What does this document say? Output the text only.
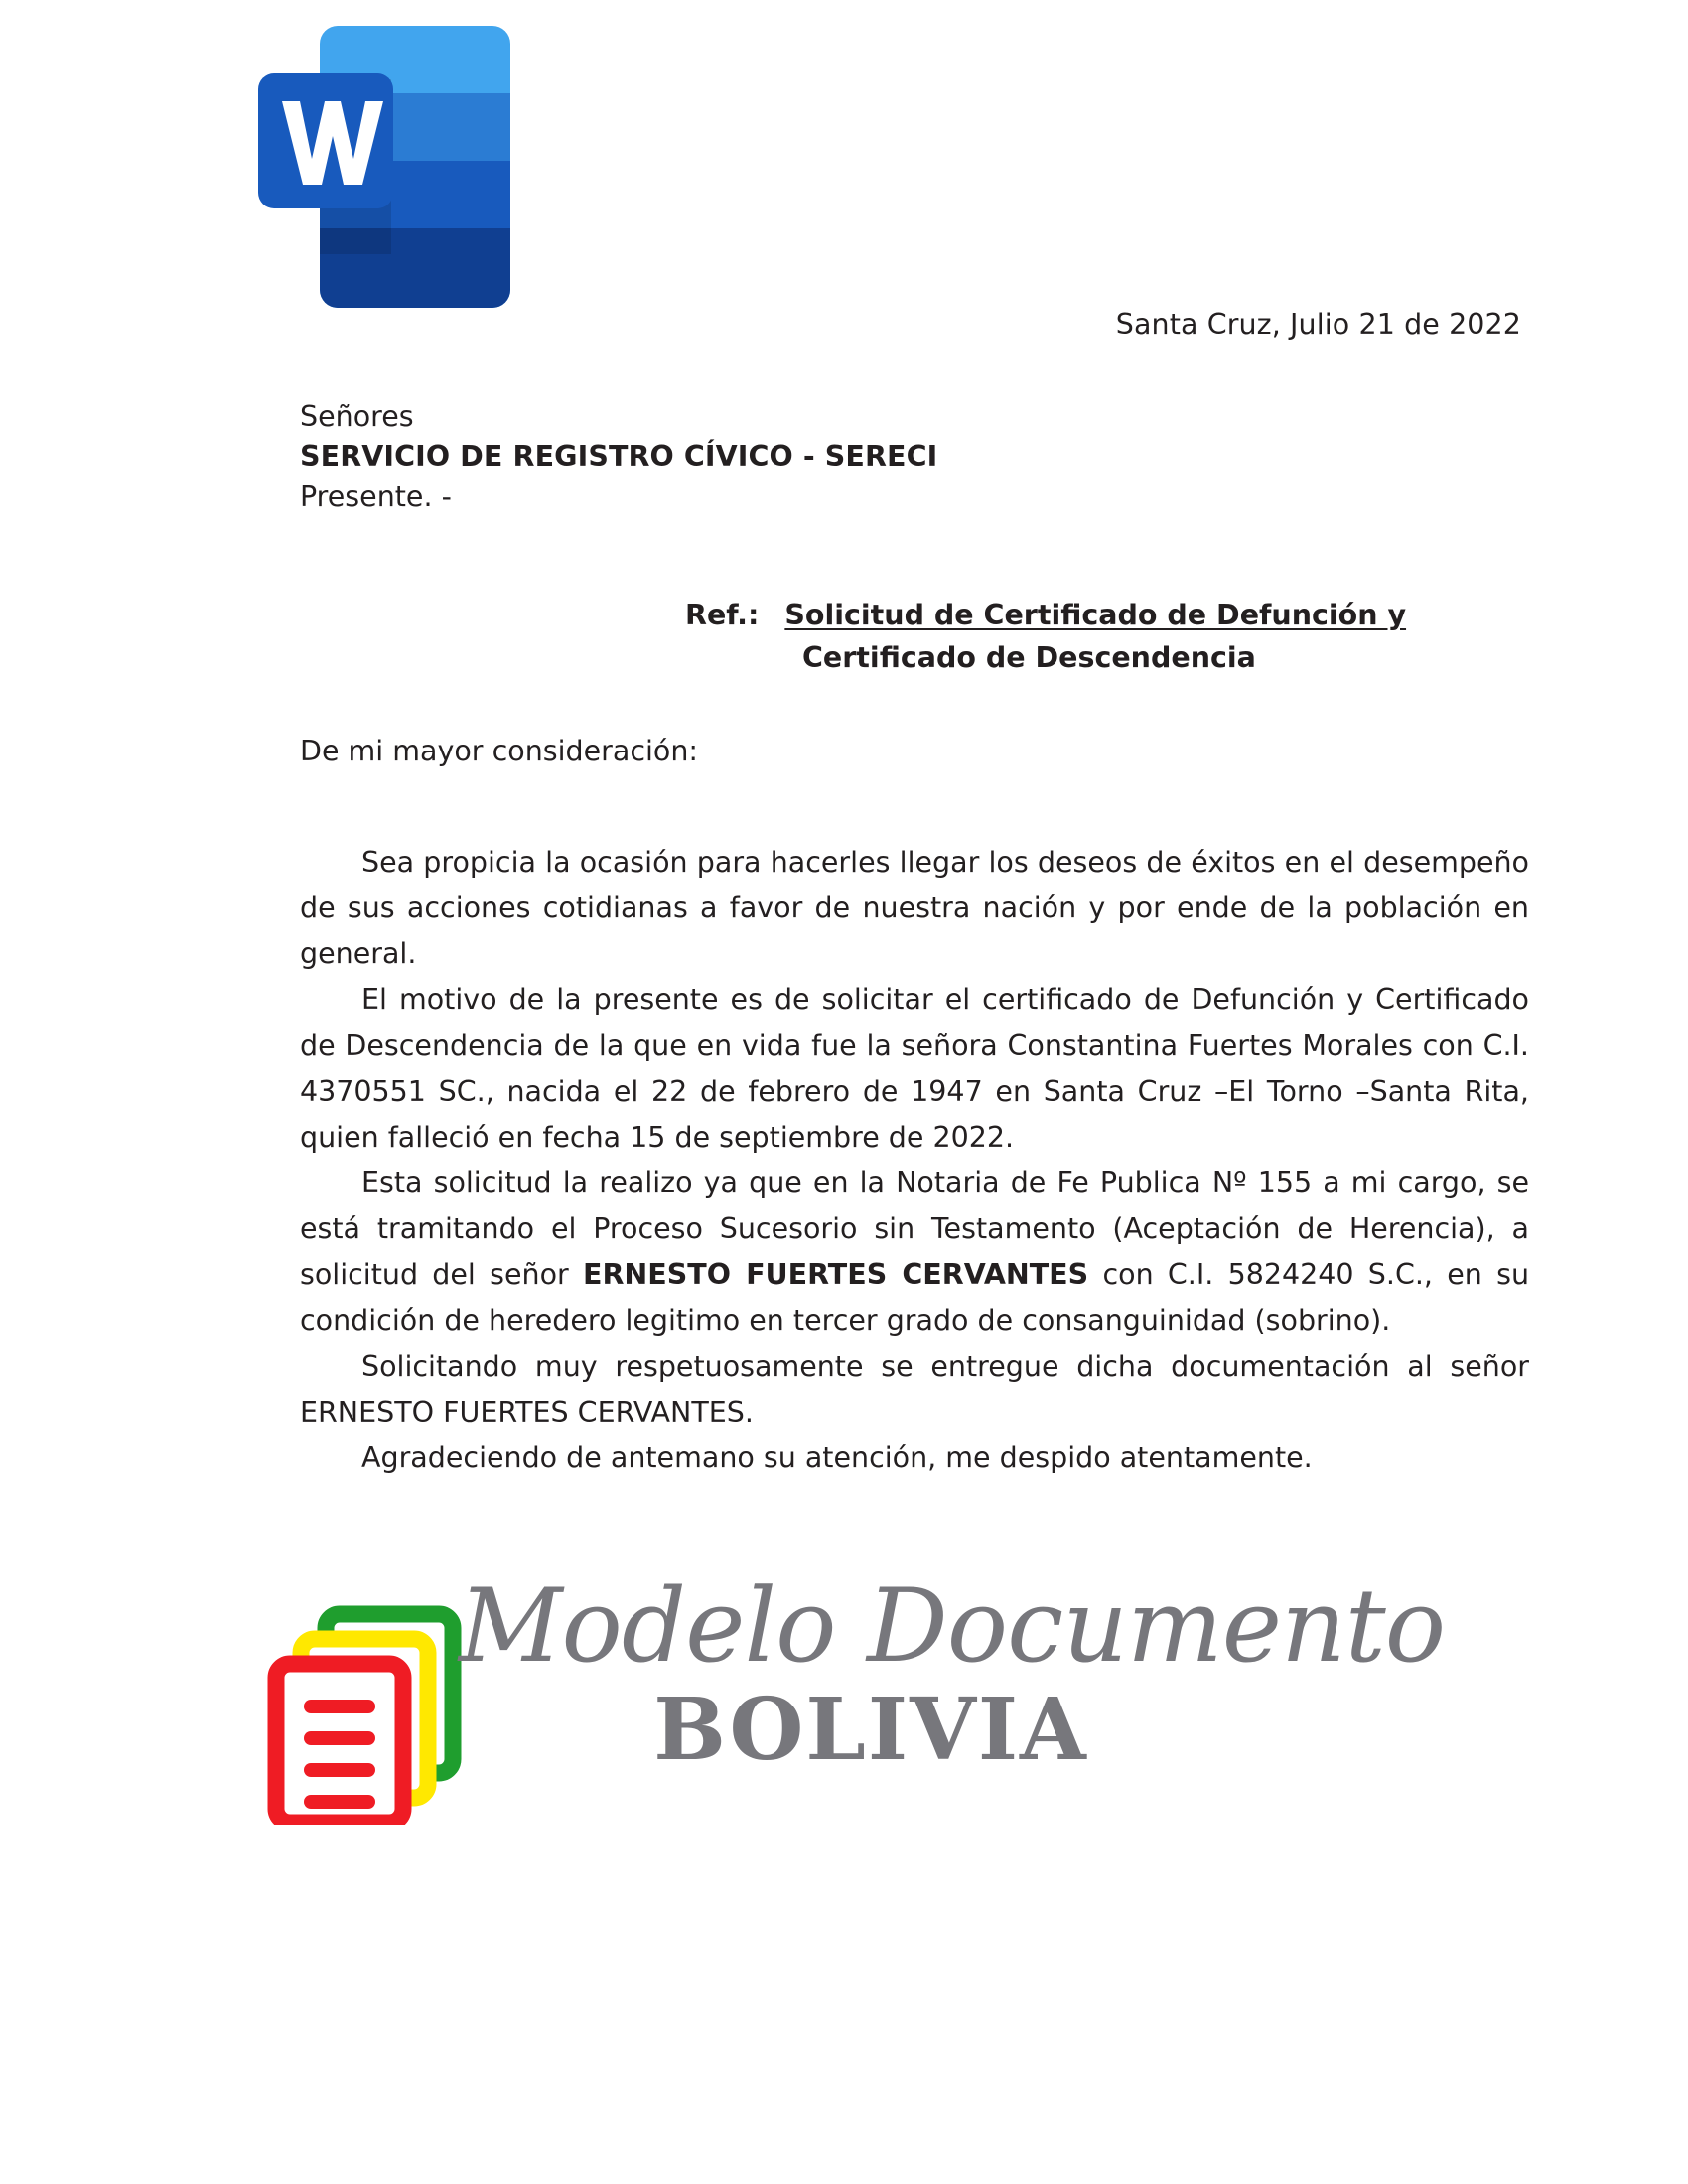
Santa Cruz, Julio 21 de 2022
Señores
SERVICIO DE REGISTRO CÍVICO - SERECI
Presente. -
Ref.: Solicitud de Certificado de Defunción y
Certificado de Descendencia
De mi mayor consideración:

Sea propicia la ocasión para hacerles llegar los deseos de éxitos en el desempeño de sus acciones cotidianas a favor de nuestra nación y por ende de la población en general.

El motivo de la presente es de solicitar el certificado de Defunción y Certificado de Descendencia de la que en vida fue la señora Constantina Fuertes Morales con C.I. 4370551 SC., nacida el 22 de febrero de 1947 en Santa Cruz –El Torno –Santa Rita, quien falleció en fecha 15 de septiembre de 2022.

Esta solicitud la realizo ya que en la Notaria de Fe Publica Nº 155 a mi cargo, se está tramitando el Proceso Sucesorio sin Testamento (Aceptación de Herencia), a solicitud del señor ERNESTO FUERTES CERVANTES con C.I. 5824240 S.C., en su condición de heredero legitimo en tercer grado de consanguinidad (sobrino).

Solicitando muy respetuosamente se entregue dicha documentación al señor ERNESTO FUERTES CERVANTES.

Agradeciendo de antemano su atención, me despido atentamente.

Modelo Documento
BOLIVIA
